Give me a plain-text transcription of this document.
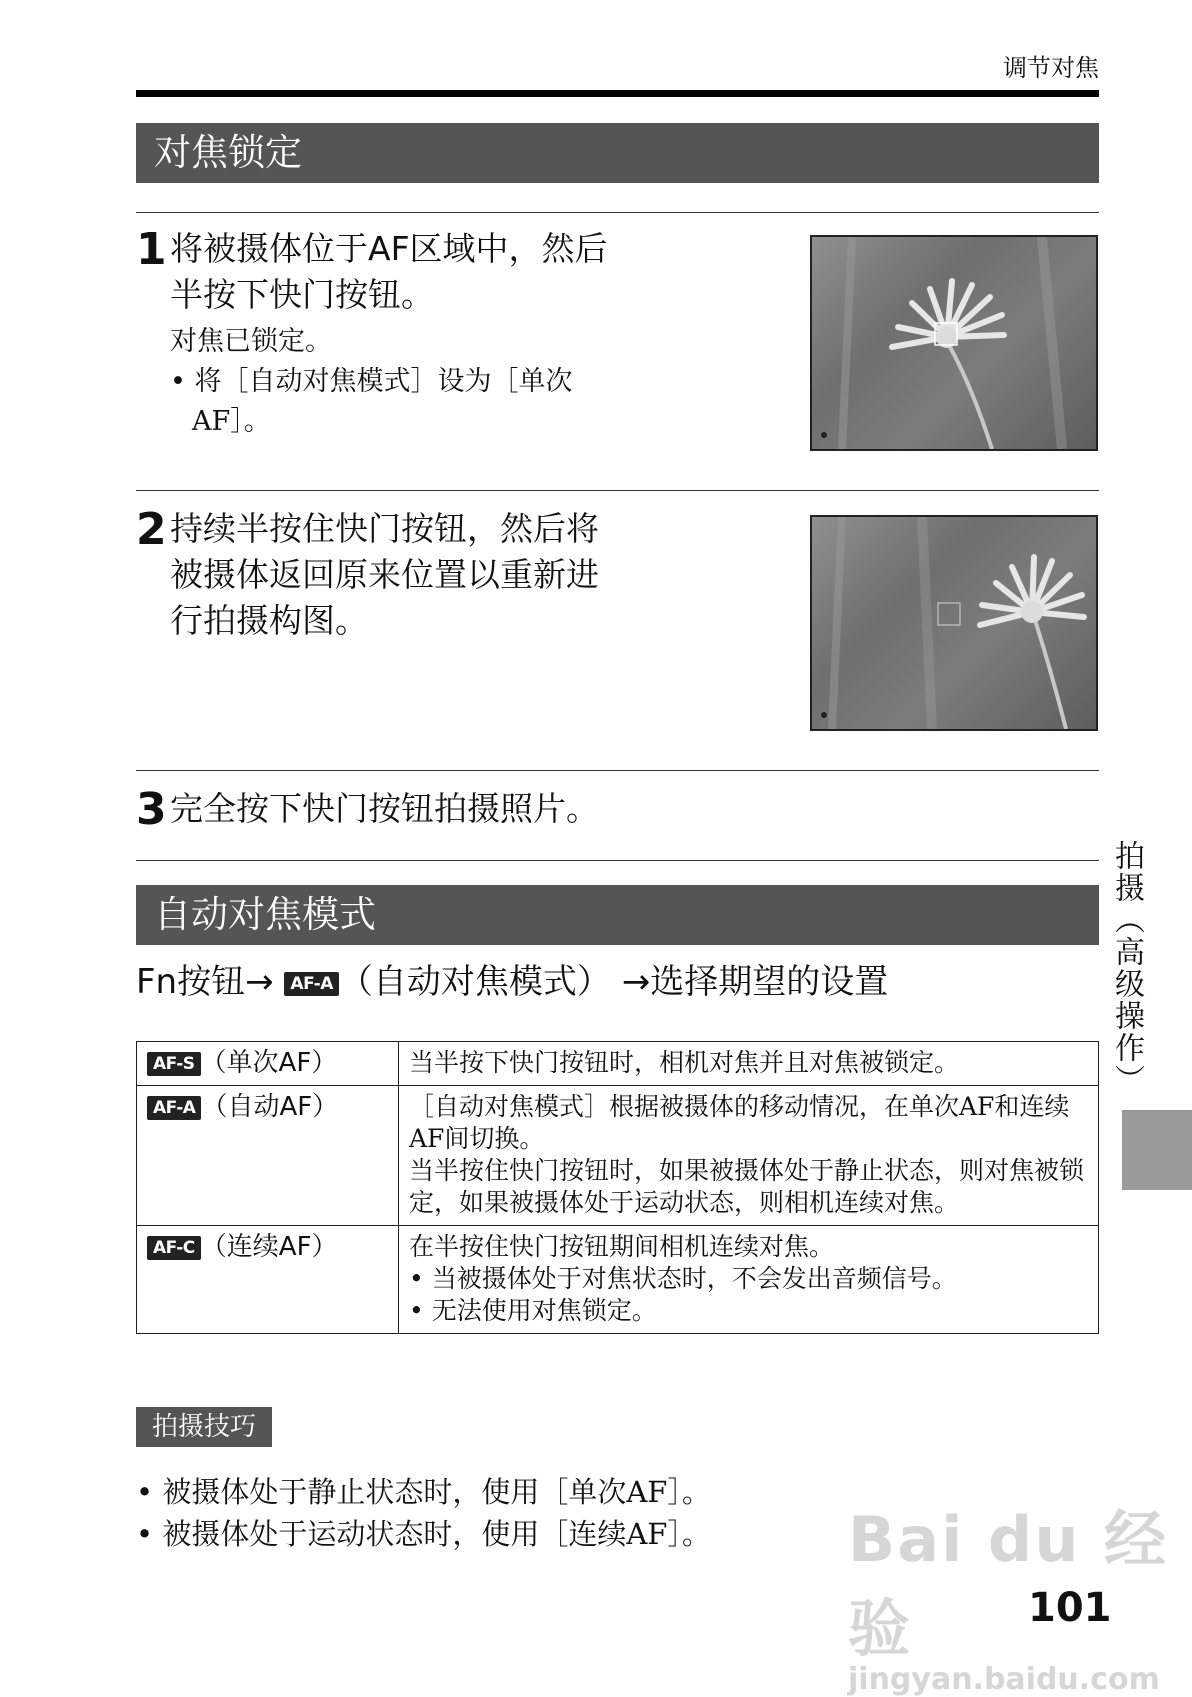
调节对焦
对焦锁定
1 将被摄体位于AF区域中，然后
半按下快门按钮。
对焦已锁定。
• 将［自动对焦模式］设为［单次
AF］。
2 持续半按住快门按钮，然后将
被摄体返回原来位置以重新进
行拍摄构图。
3 完全按下快门按钮拍摄照片。
自动对焦模式
Fn按钮→ AF-A （自动对焦模式） →选择期望的设置
AF-S （单次AF）	当半按下快门按钮时，相机对焦并且对焦被锁定。
AF-A （自动AF）	［自动对焦模式］根据被摄体的移动情况，在单次AF和连续AF间切换。
当半按住快门按钮时，如果被摄体处于静止状态，则对焦被锁定，如果被摄体处于运动状态，则相机连续对焦。

AF-C （连续AF）	在半按住快门按钮期间相机连续对焦。
• 当被摄体处于对焦状态时，不会发出音频信号。
• 无法使用对焦锁定。
拍摄技巧
• 被摄体处于静止状态时，使用［单次AF］。
• 被摄体处于运动状态时，使用［连续AF］。
拍摄（高级操作）
Bai du 经验
jingyan.baidu.com
101
